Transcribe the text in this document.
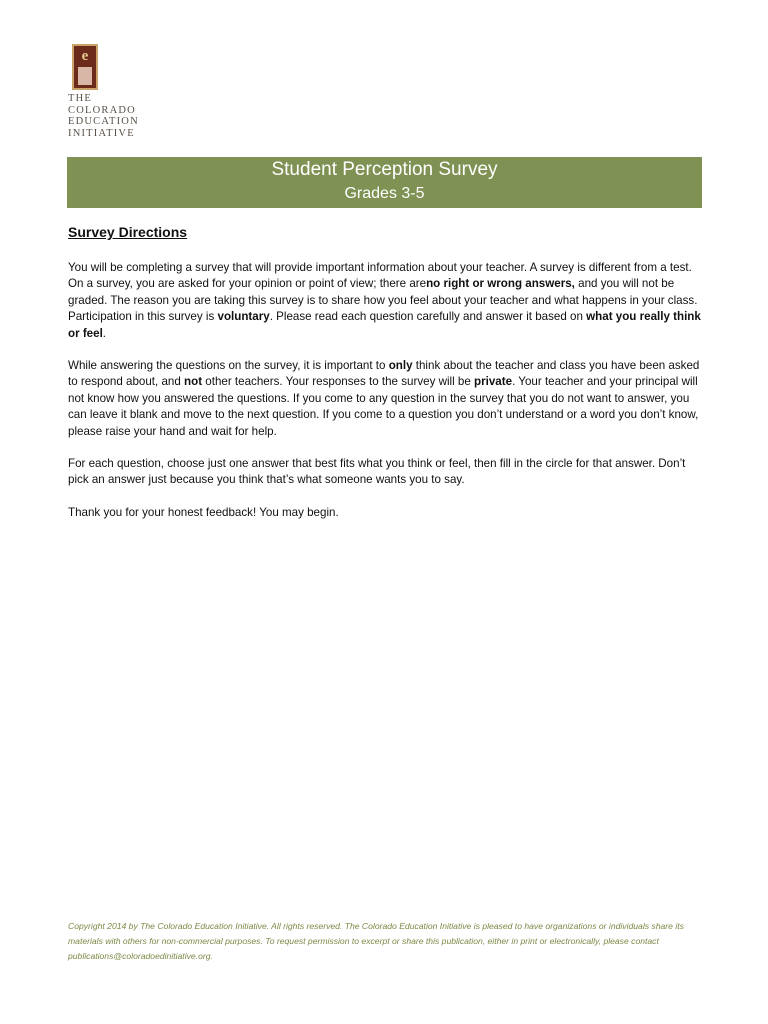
e
THE
COLORADO
EDUCATION
INITIATIVE
Student Perception Survey
Grades 3-5
Survey Directions

You will be completing a survey that will provide important information about your teacher. A survey is different from a test. On a survey, you are asked for your opinion or point of view; there areno right or wrong answers, and you will not be graded. The reason you are taking this survey is to share how you feel about your teacher and what happens in your class. Participation in this survey is voluntary. Please read each question carefully and answer it based on what you really think or feel.

While answering the questions on the survey, it is important to only think about the teacher and class you have been asked to respond about, and not other teachers. Your responses to the survey will be private. Your teacher and your principal will not know how you answered the questions. If you come to any question in the survey that you do not want to answer, you can leave it blank and move to the next question. If you come to a question you don’t understand or a word you don’t know, please raise your hand and wait for help.

For each question, choose just one answer that best fits what you think or feel, then fill in the circle for that answer. Don’t pick an answer just because you think that’s what someone wants you to say.

Thank you for your honest feedback! You may begin.

Copyright 2014 by The Colorado Education Initiative. All rights reserved. The Colorado Education Initiative is pleased to have organizations or individuals share its materials with others for non-commercial purposes. To request permission to excerpt or share this publication, either in print or electronically, please contact publications@coloradoedinitiative.org.
